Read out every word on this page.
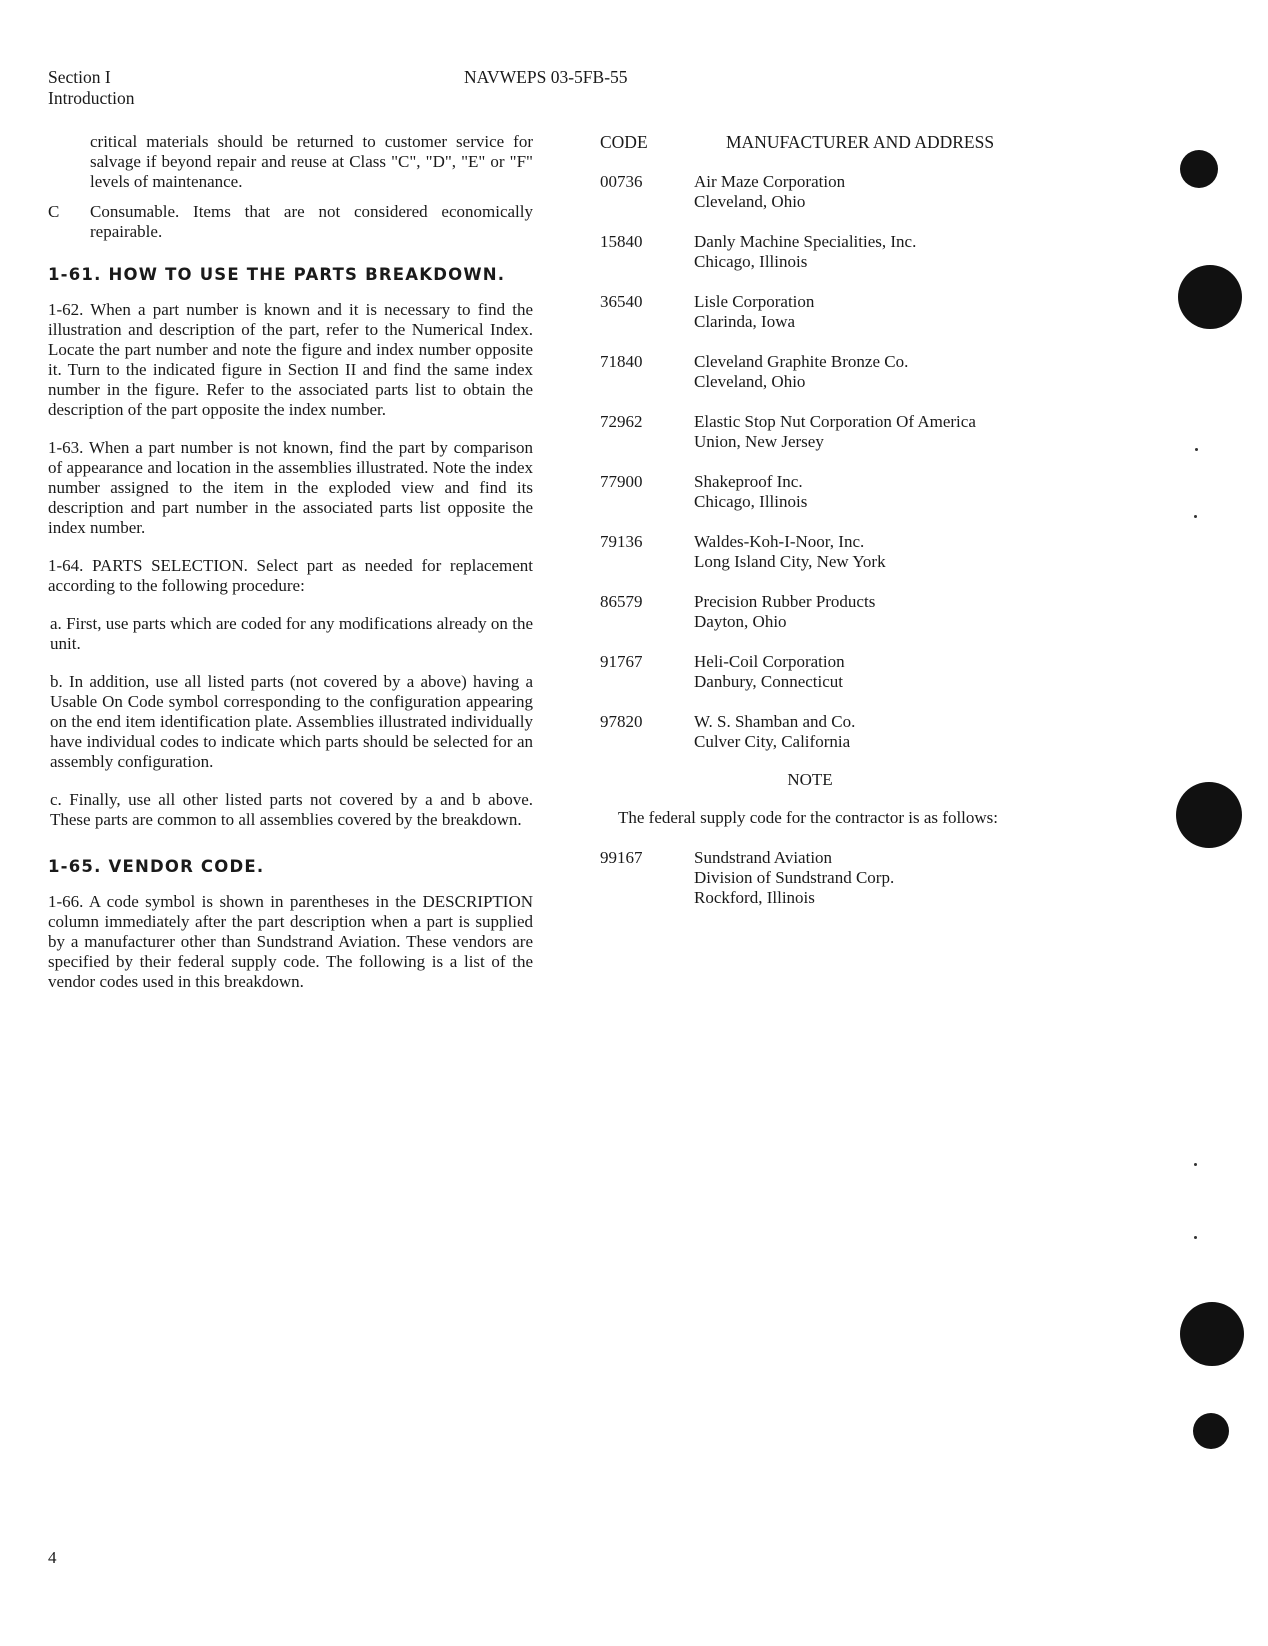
Section I
Introduction
NAVWEPS 03-5FB-55

critical materials should be returned to customer service for salvage if beyond repair and reuse at Class "C", "D", "E" or "F" levels of maintenance.

C	Consumable. Items that are not considered economically repairable.

1-61. HOW TO USE THE PARTS BREAKDOWN.

1-62. When a part number is known and it is necessary to find the illustration and description of the part, refer to the Numerical Index. Locate the part number and note the figure and index number opposite it. Turn to the indicated figure in Section II and find the same index number in the figure. Refer to the associated parts list to obtain the description of the part opposite the index number.

1-63. When a part number is not known, find the part by comparison of appearance and location in the assemblies illustrated. Note the index number assigned to the item in the exploded view and find its description and part number in the associated parts list opposite the index number.

1-64. PARTS SELECTION. Select part as needed for replacement according to the following procedure:

a. First, use parts which are coded for any modifications already on the unit.

b. In addition, use all listed parts (not covered by a above) having a Usable On Code symbol corresponding to the configuration appearing on the end item identification plate. Assemblies illustrated individually have individual codes to indicate which parts should be selected for an assembly configuration.

c. Finally, use all other listed parts not covered by a and b above. These parts are common to all assemblies covered by the breakdown.

1-65. VENDOR CODE.

1-66. A code symbol is shown in parentheses in the DESCRIPTION column immediately after the part description when a part is supplied by a manufacturer other than Sundstrand Aviation. These vendors are specified by their federal supply code. The following is a list of the vendor codes used in this breakdown.

CODE	MANUFACTURER AND ADDRESS
00736	Air Maze Corporation
Cleveland, Ohio
15840	Danly Machine Specialities, Inc.
Chicago, Illinois
36540	Lisle Corporation
Clarinda, Iowa
71840	Cleveland Graphite Bronze Co.
Cleveland, Ohio
72962	Elastic Stop Nut Corporation Of America
Union, New Jersey
77900	Shakeproof Inc.
Chicago, Illinois
79136	Waldes-Koh-I-Noor, Inc.
Long Island City, New York
86579	Precision Rubber Products
Dayton, Ohio
91767	Heli-Coil Corporation
Danbury, Connecticut
97820	W. S. Shamban and Co.
Culver City, California
NOTE

The federal supply code for the contractor is as follows:

99167	Sundstrand Aviation
Division of Sundstrand Corp.
Rockford, Illinois
4
